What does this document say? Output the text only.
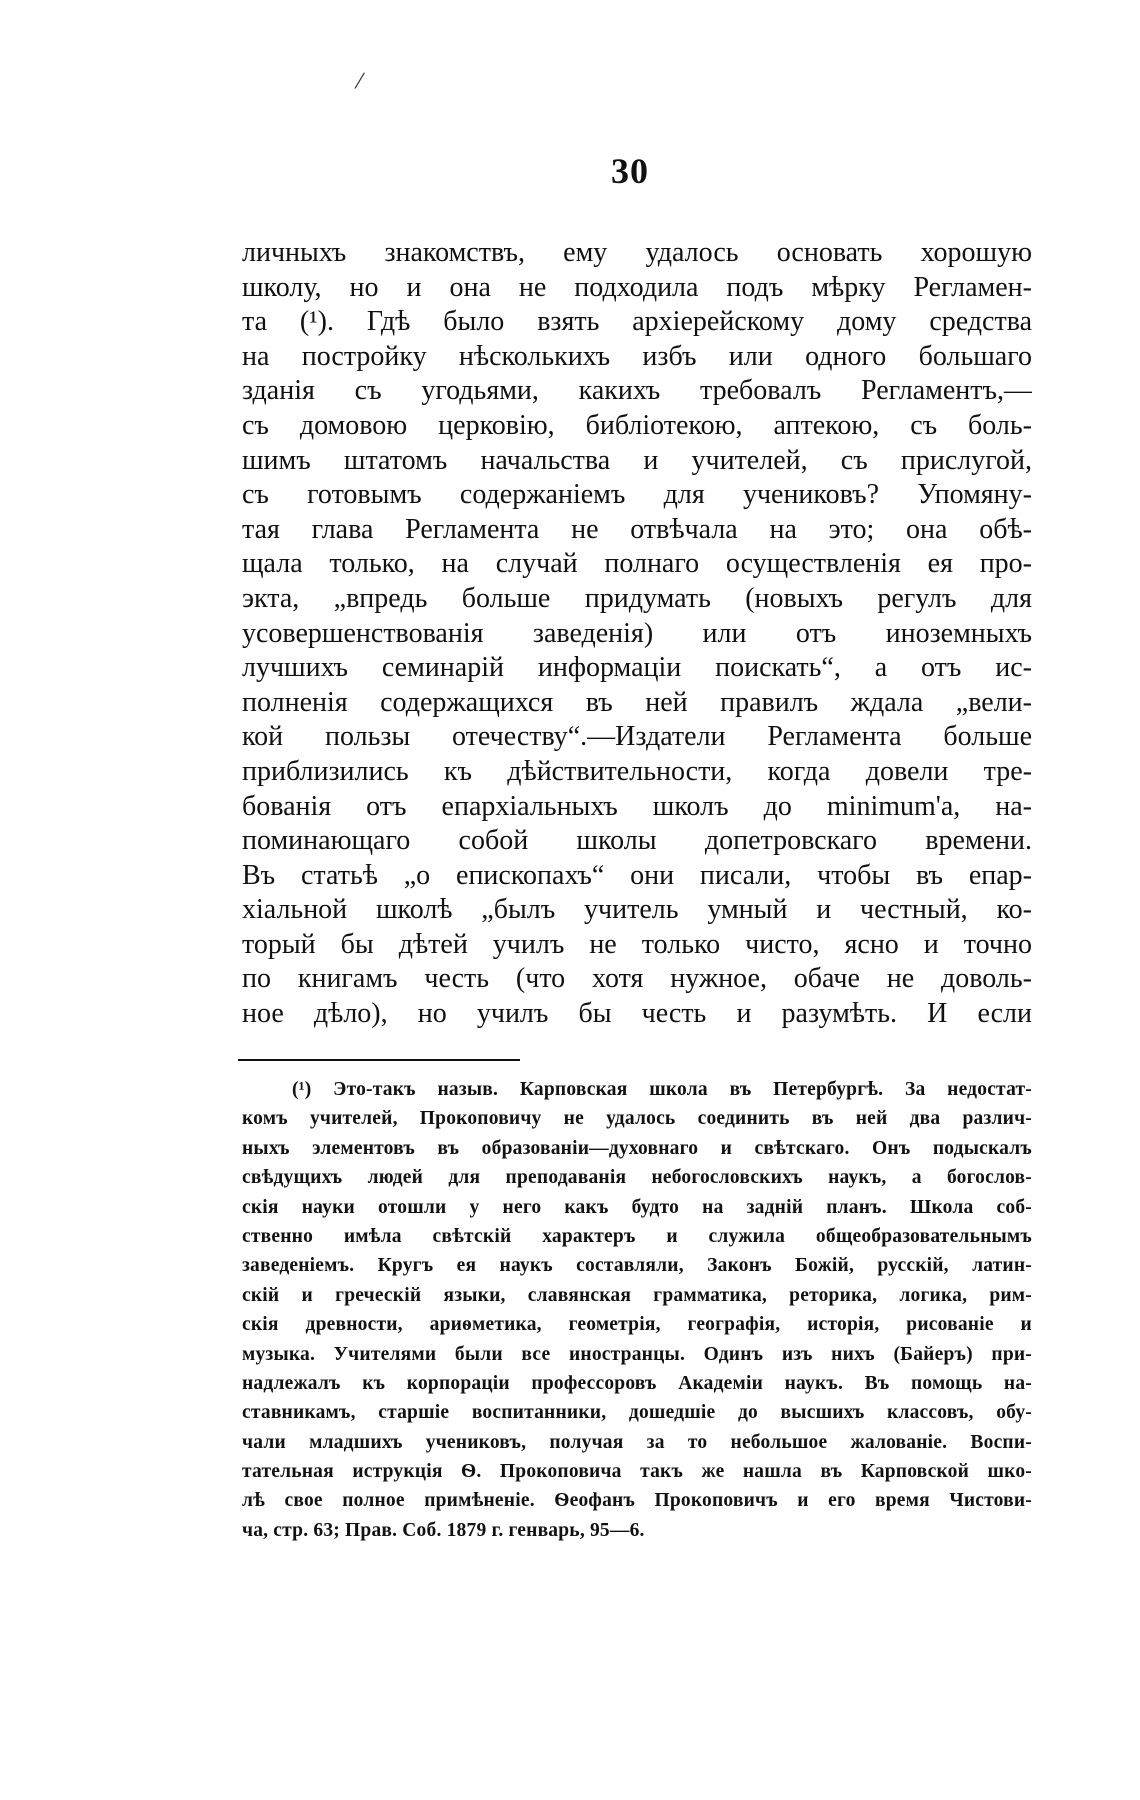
/
30
личныхъ знакомствъ, ему удалось основать хорошую
школу, но и она не подходила подъ мѣрку Регламен-
та (¹). Гдѣ было взять архіерейскому дому средства
на постройку нѣсколькихъ избъ или одного большаго
зданія съ угодьями, какихъ требовалъ Регламентъ,—
съ домовою церковію, библіотекою, аптекою, съ боль-
шимъ штатомъ начальства и учителей, съ прислугой,
съ готовымъ содержаніемъ для учениковъ? Упомяну-
тая глава Регламента не отвѣчала на это; она обѣ-
щала только, на случай полнаго осуществленія ея про-
экта, „впредь больше придумать (новыхъ регулъ для
усовершенствованія заведенія) или отъ иноземныхъ
лучшихъ семинарій информаціи поискать“, а отъ ис-
полненія содержащихся въ ней правилъ ждала „вели-
кой пользы отечеству“.—Издатели Регламента больше
приблизились къ дѣйствительности, когда довели тре-
бованія отъ епархіальныхъ школъ до minimum'а, на-
поминающаго собой школы допетровскаго времени.
Въ статьѣ „о епископахъ“ они писали, чтобы въ епар-
хіальной школѣ „былъ учитель умный и честный, ко-
торый бы дѣтей училъ не только чисто, ясно и точно
по книгамъ честь (что хотя нужное, обаче не доволь-
ное дѣло), но училъ бы честь и разумѣть. И если
(¹) Это-такъ назыв. Карповская школа въ Петербургѣ. За недостат-
комъ учителей, Прокоповичу не удалось соединить въ ней два различ-
ныхъ элементовъ въ образованіи—духовнаго и свѣтскаго. Онъ подыскалъ
свѣдущихъ людей для преподаванія небогословскихъ наукъ, а богослов-
скія науки отошли у него какъ будто на задній планъ. Школа соб-
ственно имѣла свѣтскій характеръ и служила общеобразовательнымъ
заведеніемъ. Кругъ ея наукъ составляли, Законъ Божій, русскій, латин-
скій и греческій языки, славянская грамматика, реторика, логика, рим-
скія древности, ариѳметика, геометрія, географія, исторія, рисованіе и
музыка. Учителями были все иностранцы. Одинъ изъ нихъ (Байеръ) при-
надлежалъ къ корпораціи профессоровъ Академіи наукъ. Въ помощь на-
ставникамъ, старшіе воспитанники, дошедшіе до высшихъ классовъ, обу-
чали младшихъ учениковъ, получая за то небольшое жалованіе. Воспи-
тательная иструкція Ѳ. Прокоповича такъ же нашла въ Карповской шко-
лѣ свое полное примѣненіе. Ѳеофанъ Прокоповичъ и его время Чистови-
ча, стр. 63; Прав. Соб. 1879 г. генварь, 95—6.
